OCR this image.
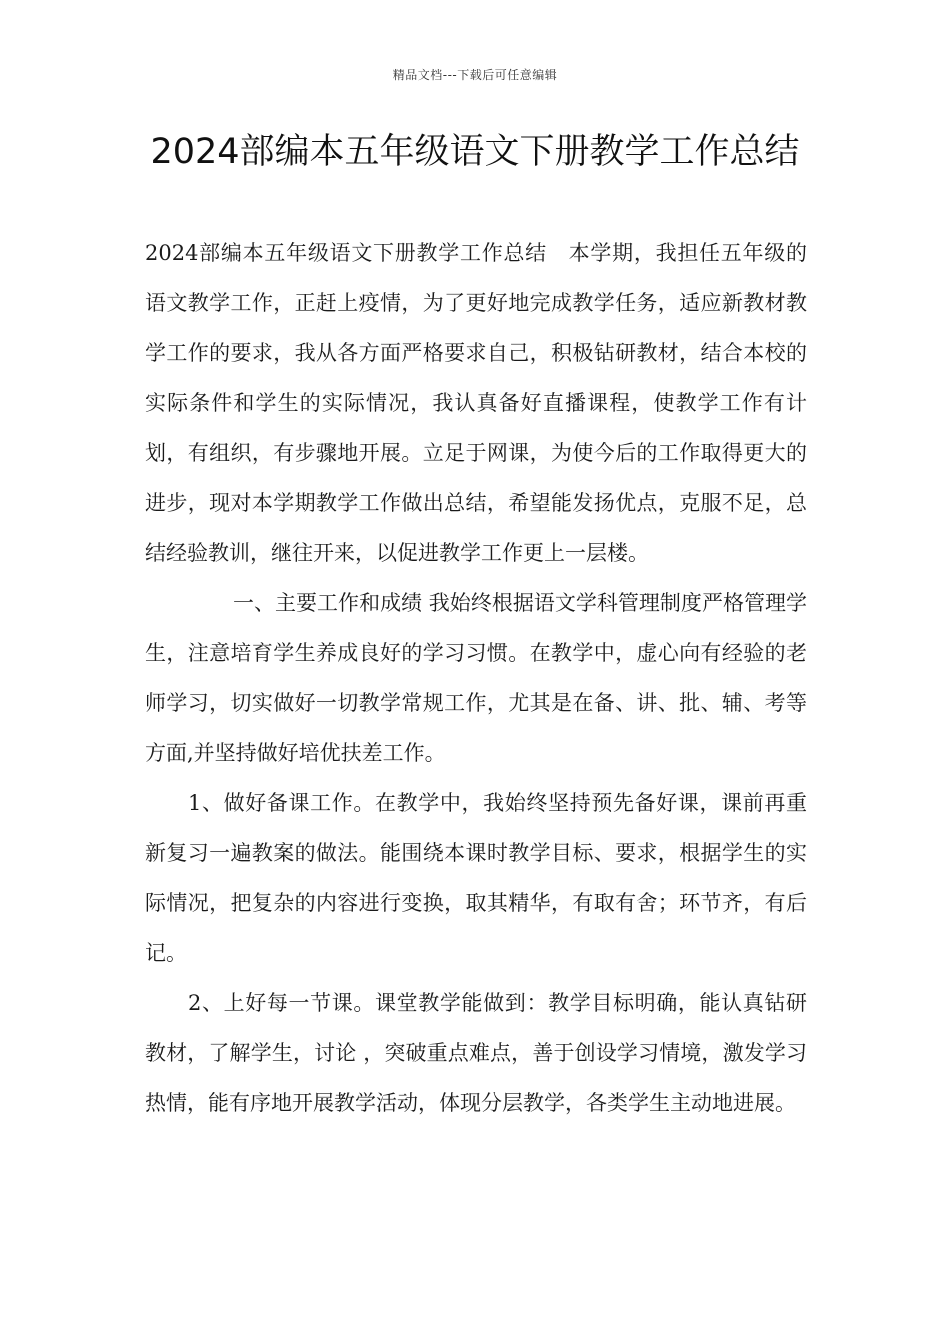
精品文档---下载后可任意编辑
2024部编本五年级语文下册教学工作总结

2024部编本五年级语文下册教学工作总结　本学期，我担任五年级的语文教学工作，正赶上疫情，为了更好地完成教学任务，适应新教材教学工作的要求，我从各方面严格要求自己，积极钻研教材，结合本校的实际条件和学生的实际情况，我认真备好直播课程，使教学工作有计划，有组织，有步骤地开展。立足于网课，为使今后的工作取得更大的进步，现对本学期教学工作做出总结，希望能发扬优点，克服不足，总结经验教训，继往开来，以促进教学工作更上一层楼。

一、主要工作和成绩 我始终根据语文学科管理制度严格管理学生，注意培育学生养成良好的学习习惯。在教学中，虚心向有经验的老师学习，切实做好一切教学常规工作，尤其是在备、讲、批、辅、考等方面,并坚持做好培优扶差工作。

1、做好备课工作。在教学中，我始终坚持预先备好课，课前再重新复习一遍教案的做法。能围绕本课时教学目标、要求，根据学生的实际情况，把复杂的内容进行变换，取其精华，有取有舍；环节齐，有后记。

2、上好每一节课。课堂教学能做到：教学目标明确，能认真钻研教材，了解学生，讨论 ，突破重点难点，善于创设学习情境，激发学习热情，能有序地开展教学活动，体现分层教学，各类学生主动地进展。
